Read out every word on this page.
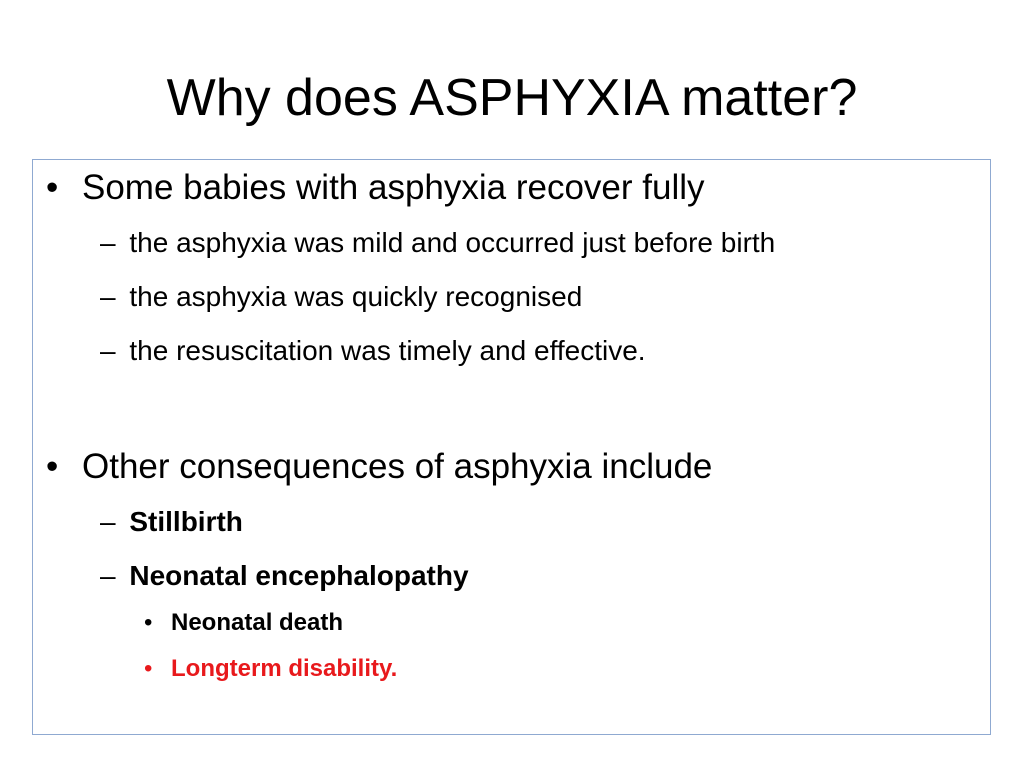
Why does ASPHYXIA matter?
• Some babies with asphyxia recover fully
– the asphyxia was mild and occurred just before birth
– the asphyxia was quickly recognised
– the resuscitation was timely and effective.
• Other consequences of asphyxia include
– Stillbirth
– Neonatal encephalopathy
• Neonatal death
• Longterm disability.
